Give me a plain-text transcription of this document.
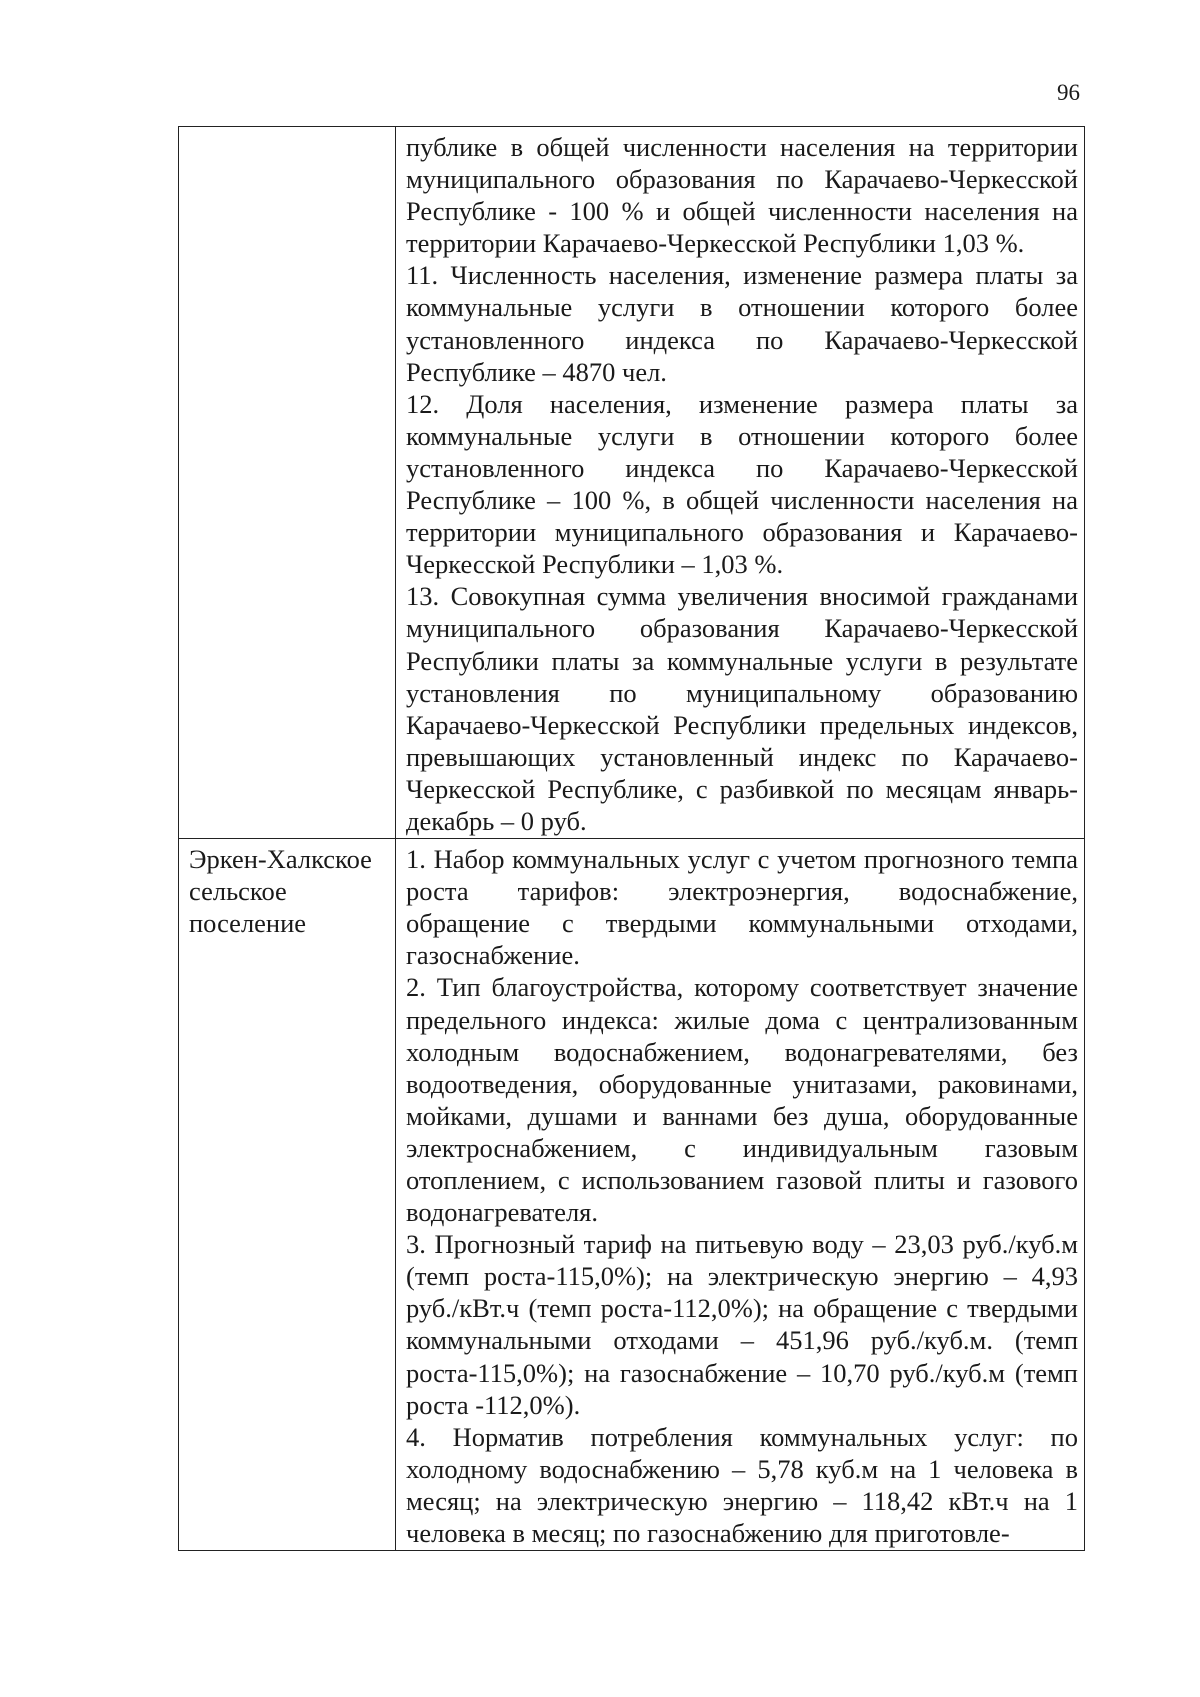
96

	публике в общей численности населения на территории муниципального образования по Карачаево-Черкесской Республике - 100 % и общей численности населения на территории Карачаево-Черкесской Республики 1,03 %.

11. Численность населения, изменение размера платы за коммунальные услуги в отношении которого более установленного индекса по Карачаево-Черкесской Республике – 4870 чел.

12. Доля населения, изменение размера платы за коммунальные услуги в отношении которого более установленного индекса по Карачаево-Черкесской Республике – 100 %, в общей численности населения на территории муниципального образования и Карачаево-Черкесской Республики – 1,03 %.

13. Совокупная сумма увеличения вносимой гражданами муниципального образования Карачаево-Черкесской Республики платы за коммунальные услуги в результате установления по муниципальному образованию Карачаево-Черкесской Республики предельных индексов, превышающих установленный индекс по Карачаево-Черкесской Республике, с разбивкой по месяцам январь-декабрь – 0 руб.

Эркен-Халкское сельское поселение	1. Набор коммунальных услуг с учетом прогнозного темпа роста тарифов: электроэнергия, водоснабжение, обращение с твердыми коммунальными отходами, газоснабжение.

2. Тип благоустройства, которому соответствует значение предельного индекса: жилые дома с централизованным холодным водоснабжением, водонагревателями, без водоотведения, оборудованные унитазами, раковинами, мойками, душами и ваннами без душа, оборудованные электроснабжением, с индивидуальным газовым отоплением, с использованием газовой плиты и газового водонагревателя.

3. Прогнозный тариф на питьевую воду – 23,03 руб./куб.м (темп роста-115,0%); на электрическую энергию – 4,93 руб./кВт.ч (темп роста-112,0%); на обращение с твердыми коммунальными отходами – 451,96 руб./куб.м. (темп роста-115,0%); на газоснабжение – 10,70 руб./куб.м (темп роста -112,0%).

4. Норматив потребления коммунальных услуг: по холодному водоснабжению – 5,78 куб.м на 1 человека в месяц; на электрическую энергию – 118,42 кВт.ч на 1 человека в месяц; по газоснабжению для приготовле-
